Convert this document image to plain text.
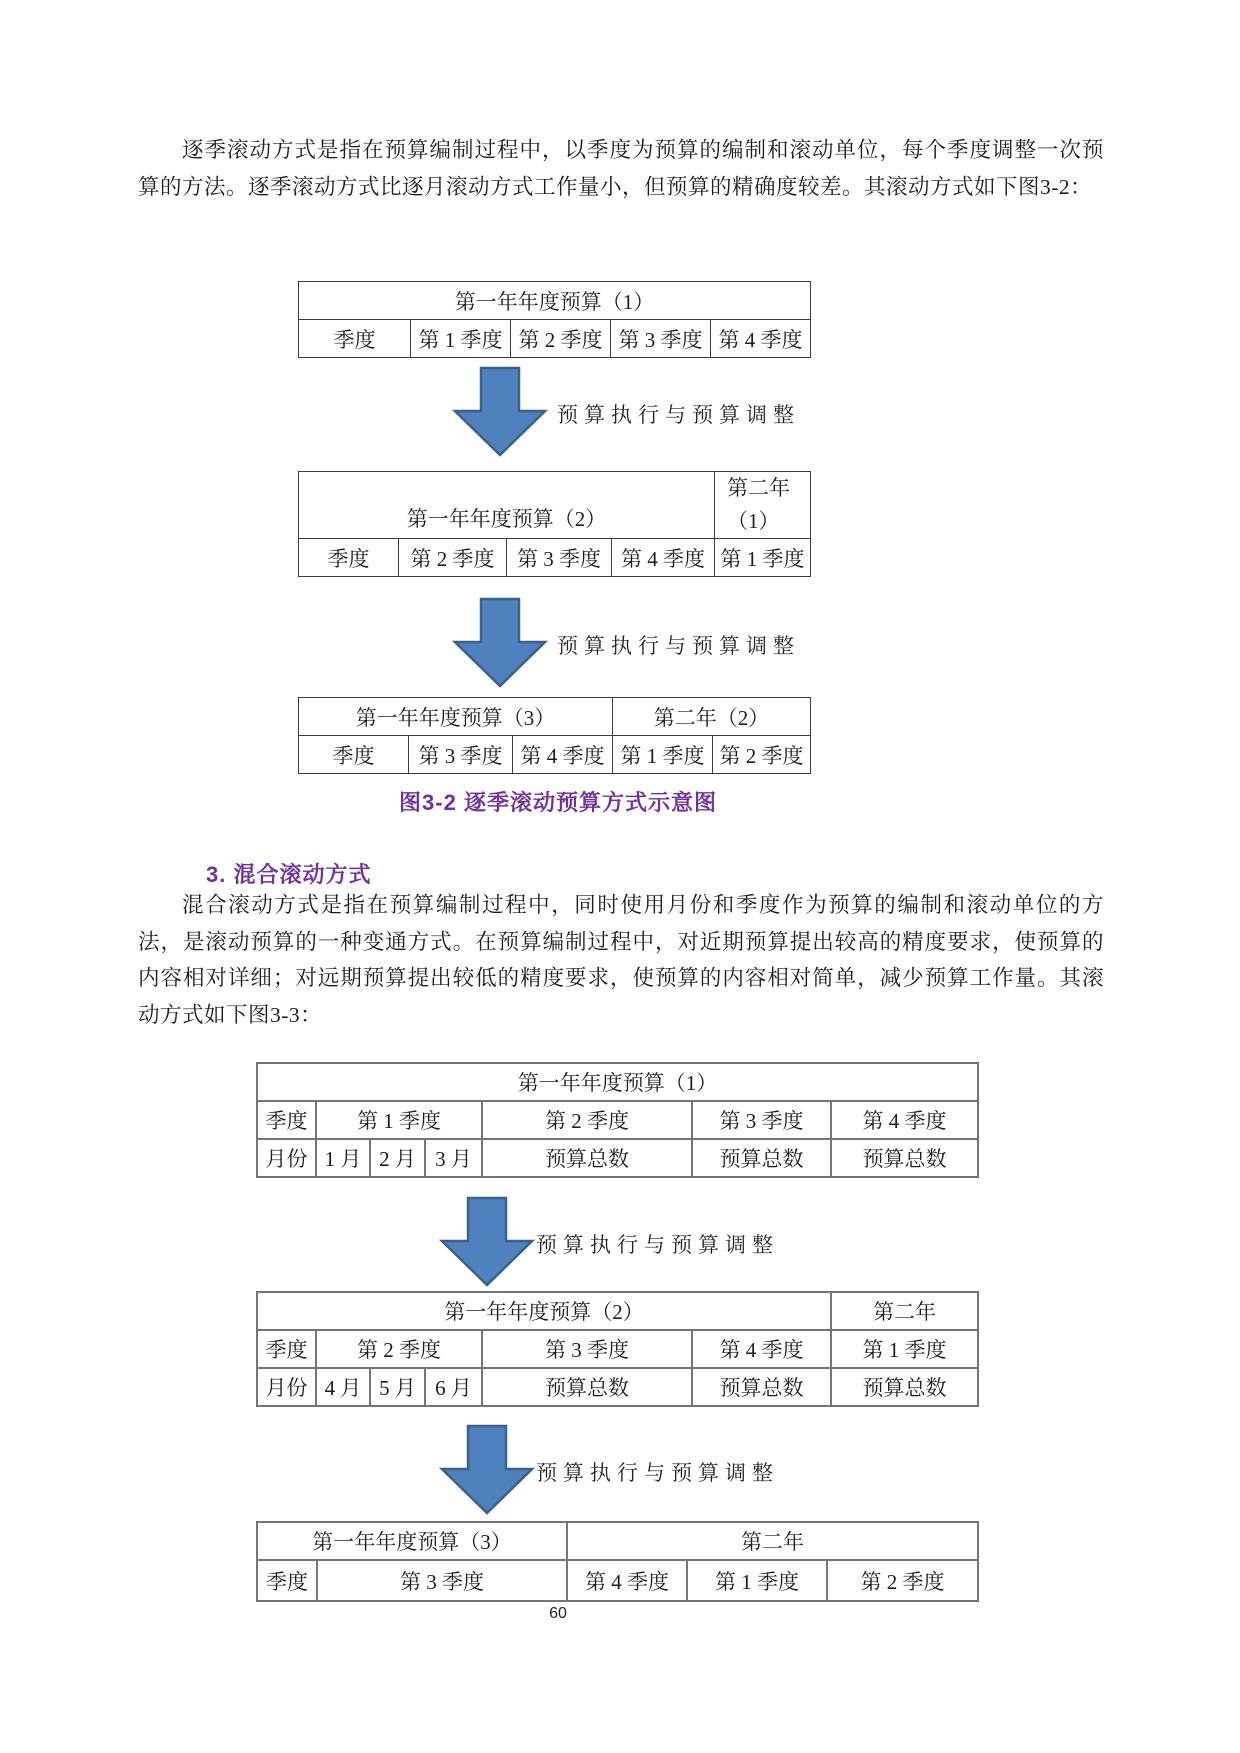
逐季滚动方式是指在预算编制过程中，以季度为预算的编制和滚动单位，每个季度调整一次预算的方法。逐季滚动方式比逐月滚动方式工作量小，但预算的精确度较差。其滚动方式如下图3-2：
第一年年度预算（1）
季度	第 1 季度	第 2 季度	第 3 季度	第 4 季度
预算执行与预算调整
第一年年度预算（2）				第二年
（1）
季度	第 2 季度	第 3 季度	第 4 季度	第 1 季度
预算执行与预算调整
第一年年度预算（3）			第二年（2）	
季度	第 3 季度	第 4 季度	第 1 季度	第 2 季度
图3-2 逐季滚动预算方式示意图
3. 混合滚动方式
混合滚动方式是指在预算编制过程中，同时使用月份和季度作为预算的编制和滚动单位的方法，是滚动预算的一种变通方式。在预算编制过程中，对近期预算提出较高的精度要求，使预算的内容相对详细；对远期预算提出较低的精度要求，使预算的内容相对简单，减少预算工作量。其滚动方式如下图3-3：
第一年年度预算（1）						
季度	第 1 季度			第 2 季度	第 3 季度	第 4 季度
月份	1 月	2 月	3 月	预算总数	预算总数	预算总数
预算执行与预算调整
第一年年度预算（2）						第二年
季度	第 2 季度			第 3 季度	第 4 季度	第 1 季度
月份	4 月	5 月	6 月	预算总数	预算总数	预算总数
预算执行与预算调整
第一年年度预算（3）		第二年		
季度	第 3 季度	第 4 季度	第 1 季度	第 2 季度
60
